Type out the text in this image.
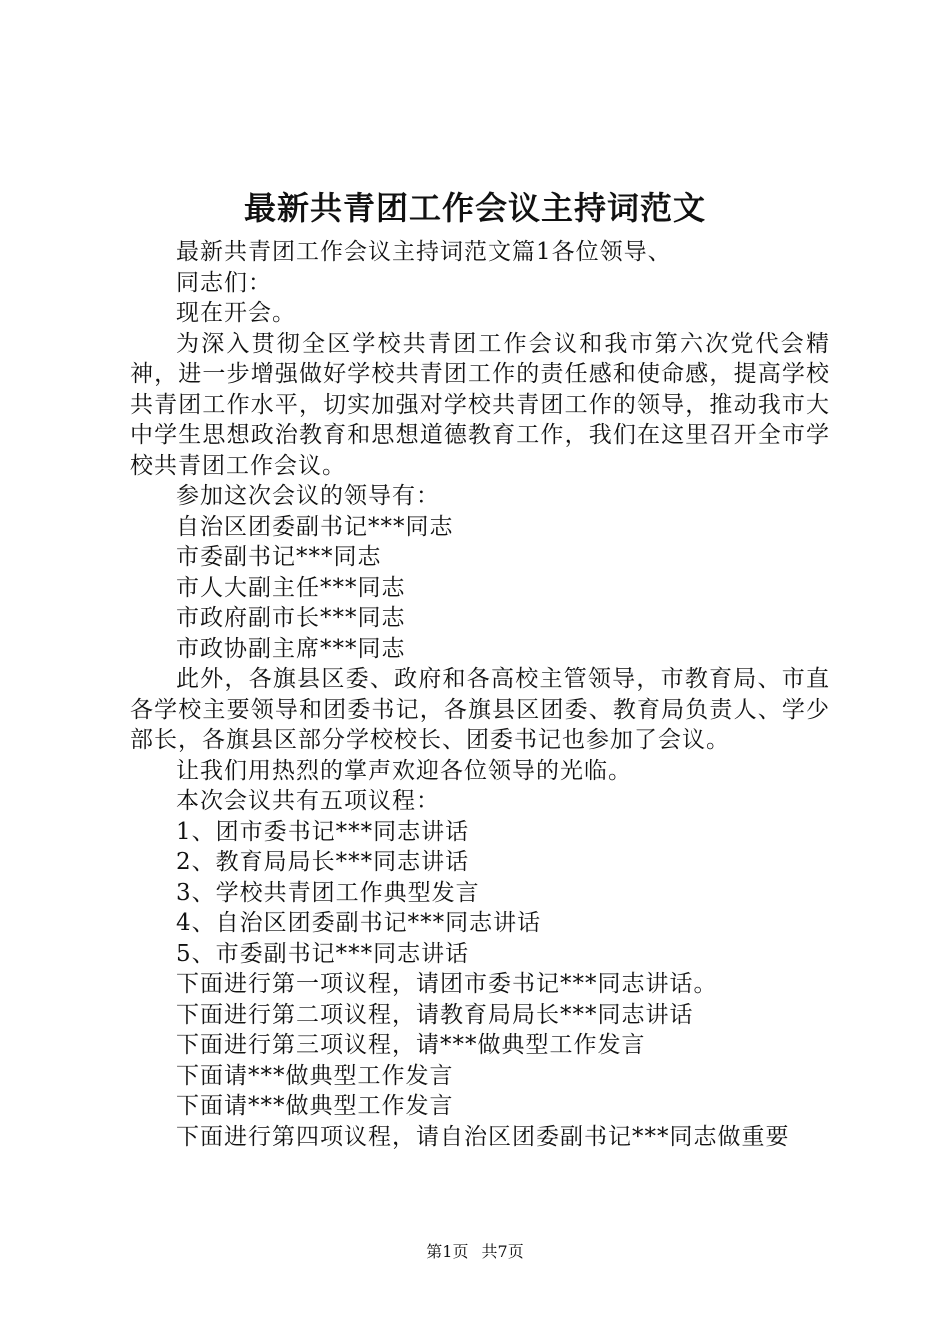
最新共青团工作会议主持词范文

最新共青团工作会议主持词范文篇1各位领导、

同志们：

现在开会。

为深入贯彻全区学校共青团工作会议和我市第六次党代会精神，进一步增强做好学校共青团工作的责任感和使命感，提高学校共青团工作水平，切实加强对学校共青团工作的领导，推动我市大中学生思想政治教育和思想道德教育工作，我们在这里召开全市学校共青团工作会议。

参加这次会议的领导有：

自治区团委副书记***同志

市委副书记***同志

市人大副主任***同志

市政府副市长***同志

市政协副主席***同志

此外，各旗县区委、政府和各高校主管领导，市教育局、市直各学校主要领导和团委书记，各旗县区团委、教育局负责人、学少部长，各旗县区部分学校校长、团委书记也参加了会议。

让我们用热烈的掌声欢迎各位领导的光临。

本次会议共有五项议程：

1、团市委书记***同志讲话

2、教育局局长***同志讲话

3、学校共青团工作典型发言

4、自治区团委副书记***同志讲话

5、市委副书记***同志讲话

下面进行第一项议程，请团市委书记***同志讲话。

下面进行第二项议程，请教育局局长***同志讲话

下面进行第三项议程，请***做典型工作发言

下面请***做典型工作发言

下面请***做典型工作发言

下面进行第四项议程，请自治区团委副书记***同志做重要

第1页 共7页
